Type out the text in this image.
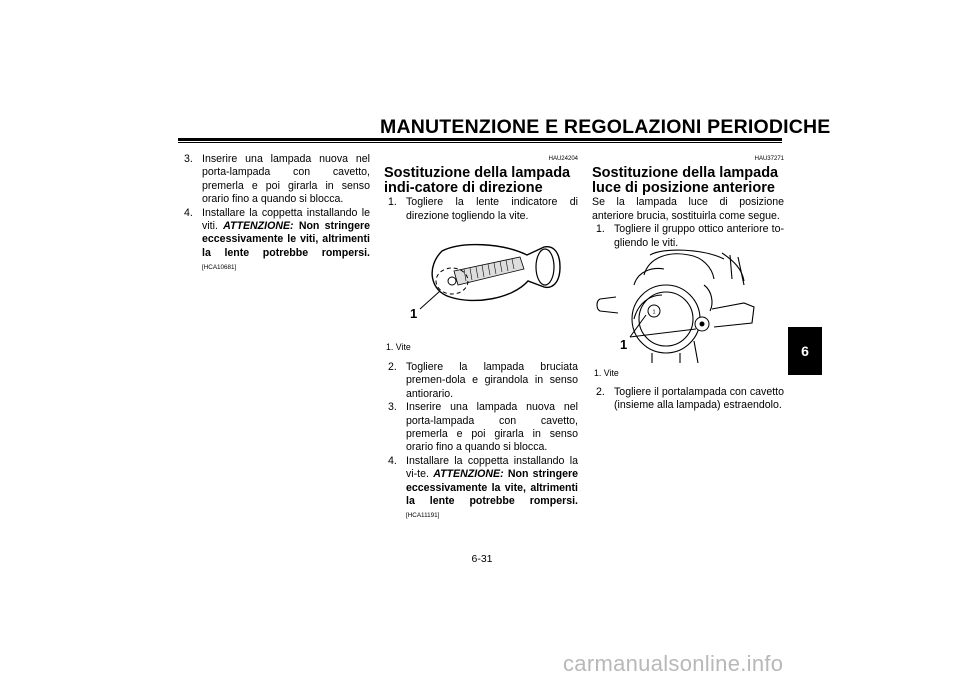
MANUTENZIONE E REGOLAZIONI PERIODICHE
6
3. Inserire una lampada nuova nel porta-lampada con cavetto, premerla e poi girarla in senso orario fino a quando si blocca.
4. Installare la coppetta installando le viti. ATTENZIONE: Non stringere eccessivamente le viti, altrimenti la lente potrebbe rompersi. [HCA10681]
HAU24204
Sostituzione della lampada indi-catore di direzione
1. Togliere la lente indicatore di direzione togliendo la vite.
1
1. Vite
2. Togliere la lampada bruciata premen-dola e girandola in senso antiorario.
3. Inserire una lampada nuova nel porta-lampada con cavetto, premerla e poi girarla in senso orario fino a quando si blocca.
4. Installare la coppetta installando la vi-te. ATTENZIONE: Non stringere eccessivamente la vite, altrimenti la lente potrebbe rompersi. [HCA11191]
HAU37271
Sostituzione della lampada luce di posizione anteriore
Se la lampada luce di posizione anteriore brucia, sostituirla come segue.
1. Togliere il gruppo ottico anteriore to-gliendo le viti.
1
1
1. Vite
2. Togliere il portalampada con cavetto (insieme alla lampada) estraendolo.
6-31
carmanualsonline.info
